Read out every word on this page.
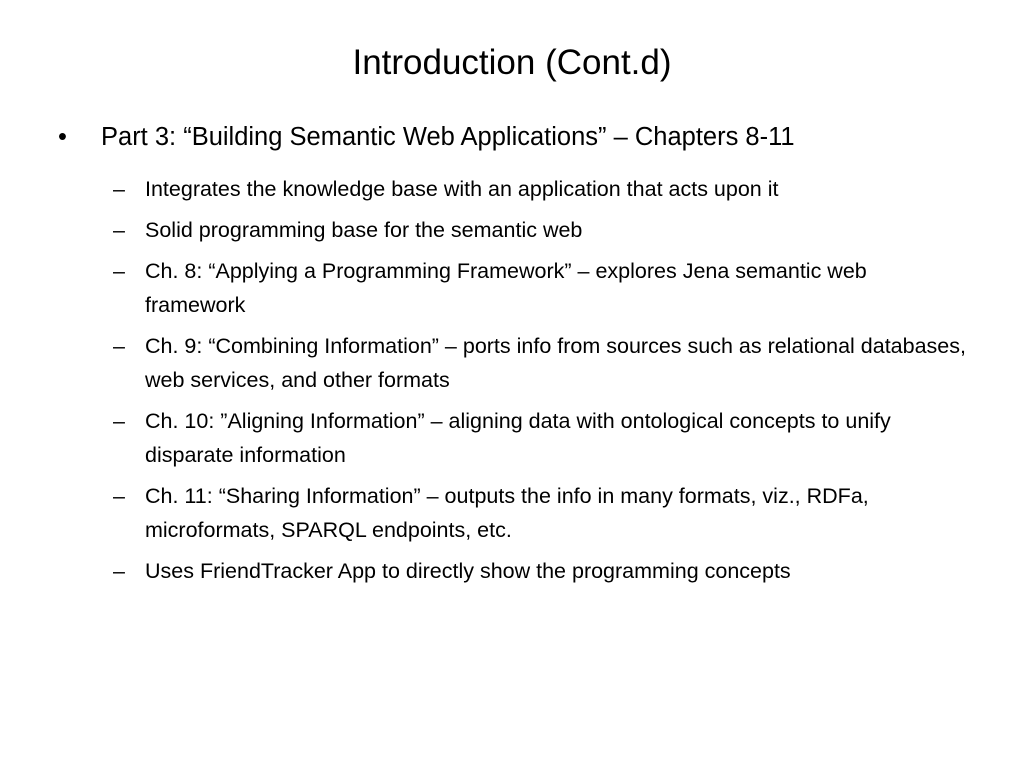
Introduction (Cont.d)
• Part 3: “Building Semantic Web Applications” – Chapters 8-11
– Integrates the knowledge base with an application that acts upon it
– Solid programming base for the semantic web
– Ch. 8: “Applying a Programming Framework” – explores Jena semantic web framework
– Ch. 9: “Combining Information” – ports info from sources such as relational databases, web services, and other formats
– Ch. 10: ”Aligning Information” – aligning data with ontological concepts to unify disparate information
– Ch. 11: “Sharing Information” – outputs the info in many formats, viz., RDFa, microformats, SPARQL endpoints, etc.
– Uses FriendTracker App to directly show the programming concepts
